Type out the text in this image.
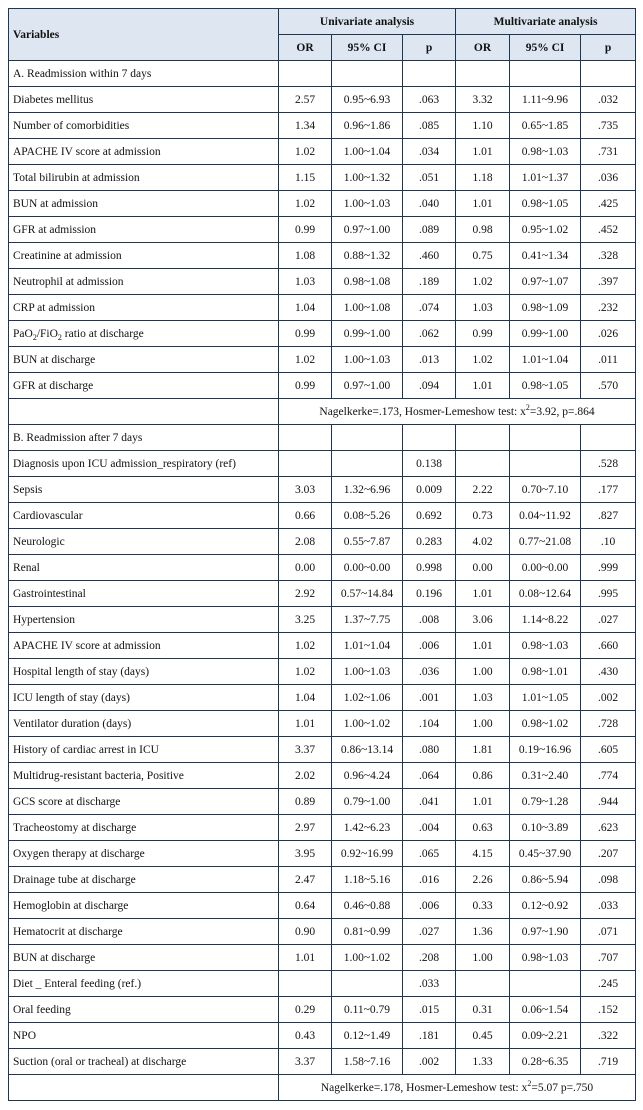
Variables	Univariate analysis			Multivariate analysis		
	OR	95% CI	p	OR	95% CI	p
A. Readmission within 7 days						
Diabetes mellitus	2.57	0.95~6.93	.063	3.32	1.11~9.96	.032
Number of comorbidities	1.34	0.96~1.86	.085	1.10	0.65~1.85	.735
APACHE IV score at admission	1.02	1.00~1.04	.034	1.01	0.98~1.03	.731
Total bilirubin at admission	1.15	1.00~1.32	.051	1.18	1.01~1.37	.036
BUN at admission	1.02	1.00~1.03	.040	1.01	0.98~1.05	.425
GFR at admission	0.99	0.97~1.00	.089	0.98	0.95~1.02	.452
Creatinine at admission	1.08	0.88~1.32	.460	0.75	0.41~1.34	.328
Neutrophil at admission	1.03	0.98~1.08	.189	1.02	0.97~1.07	.397
CRP at admission	1.04	1.00~1.08	.074	1.03	0.98~1.09	.232
PaO$_2$/FiO$_2$ ratio at discharge	0.99	0.99~1.00	.062	0.99	0.99~1.00	.026
BUN at discharge	1.02	1.00~1.03	.013	1.02	1.01~1.04	.011
GFR at discharge	0.99	0.97~1.00	.094	1.01	0.98~1.05	.570
	Nagelkerke=.173, Hosmer-Lemeshow test: $x^2=3.92$, p=.864					
B. Readmission after 7 days						
Diagnosis upon ICU admission_respiratory (ref)			0.138			.528
Sepsis	3.03	1.32~6.96	0.009	2.22	0.70~7.10	.177
Cardiovascular	0.66	0.08~5.26	0.692	0.73	0.04~11.92	.827
Neurologic	2.08	0.55~7.87	0.283	4.02	0.77~21.08	.10
Renal	0.00	0.00~0.00	0.998	0.00	0.00~0.00	.999
Gastrointestinal	2.92	0.57~14.84	0.196	1.01	0.08~12.64	.995
Hypertension	3.25	1.37~7.75	.008	3.06	1.14~8.22	.027
APACHE IV score at admission	1.02	1.01~1.04	.006	1.01	0.98~1.03	.660
Hospital length of stay (days)	1.02	1.00~1.03	.036	1.00	0.98~1.01	.430
ICU length of stay (days)	1.04	1.02~1.06	.001	1.03	1.01~1.05	.002
Ventilator duration (days)	1.01	1.00~1.02	.104	1.00	0.98~1.02	.728
History of cardiac arrest in ICU	3.37	0.86~13.14	.080	1.81	0.19~16.96	.605
Multidrug-resistant bacteria, Positive	2.02	0.96~4.24	.064	0.86	0.31~2.40	.774
GCS score at discharge	0.89	0.79~1.00	.041	1.01	0.79~1.28	.944
Tracheostomy at discharge	2.97	1.42~6.23	.004	0.63	0.10~3.89	.623
Oxygen therapy at discharge	3.95	0.92~16.99	.065	4.15	0.45~37.90	.207
Drainage tube at discharge	2.47	1.18~5.16	.016	2.26	0.86~5.94	.098
Hemoglobin at discharge	0.64	0.46~0.88	.006	0.33	0.12~0.92	.033
Hematocrit at discharge	0.90	0.81~0.99	.027	1.36	0.97~1.90	.071
BUN at discharge	1.01	1.00~1.02	.208	1.00	0.98~1.03	.707
Diet _ Enteral feeding (ref.)			.033			.245
Oral feeding	0.29	0.11~0.79	.015	0.31	0.06~1.54	.152
NPO	0.43	0.12~1.49	.181	0.45	0.09~2.21	.322
Suction (oral or tracheal) at discharge	3.37	1.58~7.16	.002	1.33	0.28~6.35	.719
	Nagelkerke=.178, Hosmer-Lemeshow test: $x^2=5.07$ p=.750					
